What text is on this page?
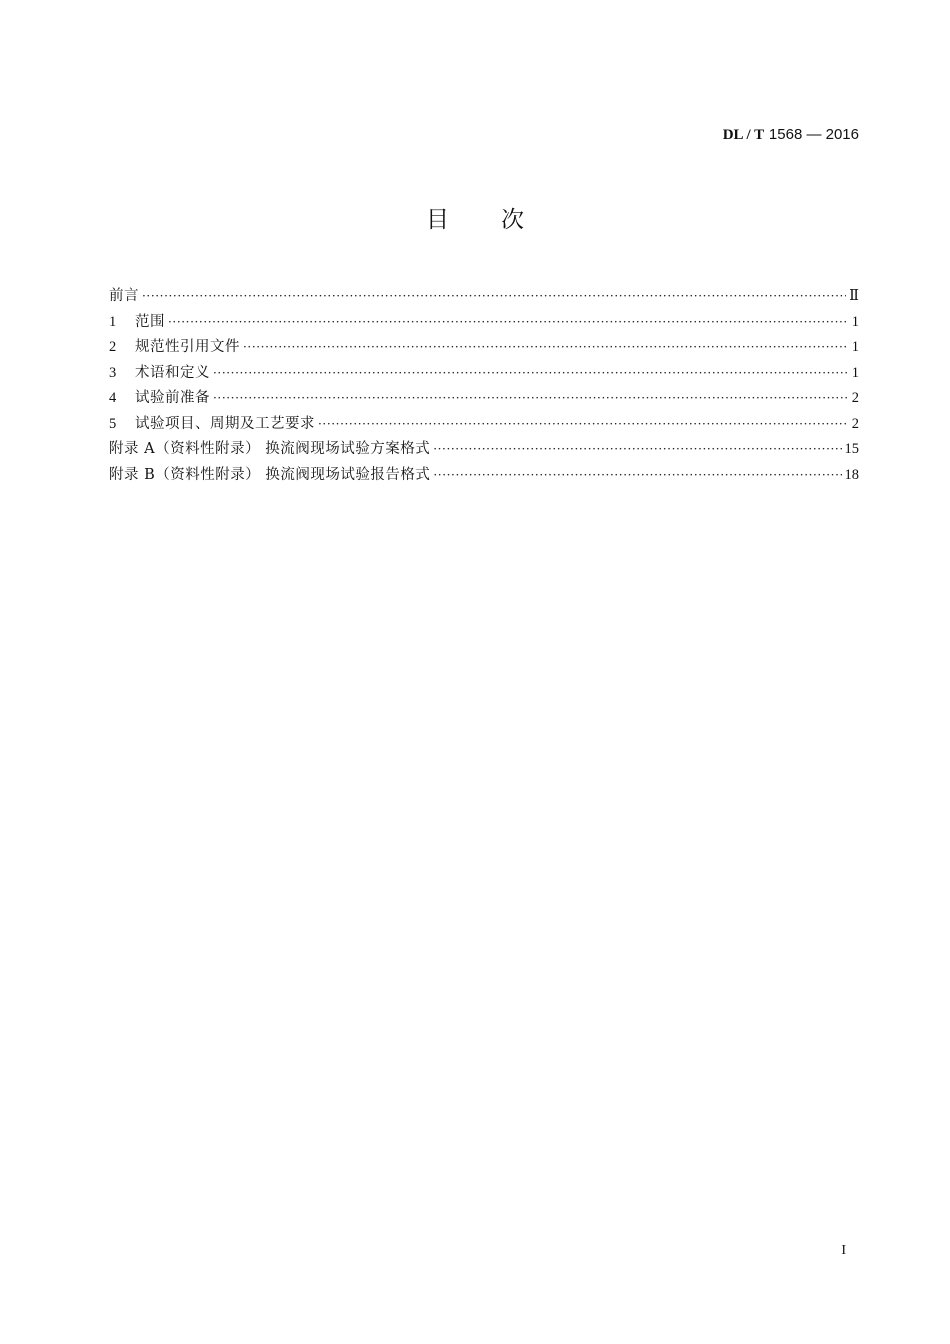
DL / T 1568 — 2016
目 次
前言 ·····	Ⅱ
1	范围 ·····	1
2	规范性引用文件 ·····	1
3	术语和定义 ·····	1
4	试验前准备 ·····	2
5	试验项目、周期及工艺要求 ·····	2
附录 A（资料性附录） 换流阀现场试验方案格式 ·····	15
附录 B（资料性附录） 换流阀现场试验报告格式 ·····	18
I
